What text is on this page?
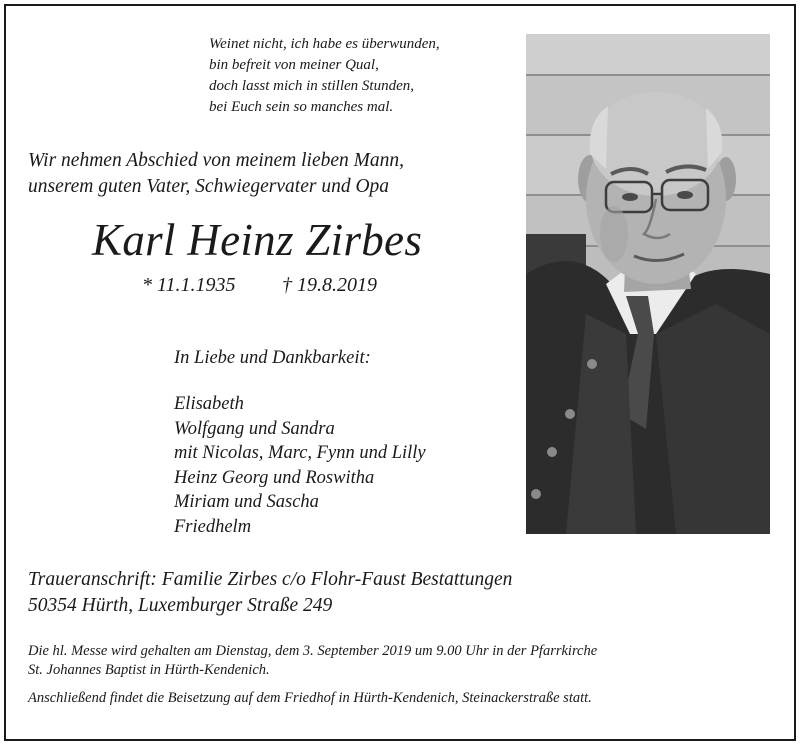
Weinet nicht, ich habe es überwunden,
bin befreit von meiner Qual,
doch lasst mich in stillen Stunden,
bei Euch sein so manches mal.
Wir nehmen Abschied von meinem lieben Mann,
unserem guten Vater, Schwiegervater und Opa
Karl Heinz Zirbes
* 11.1.1935 † 19.8.2019
In Liebe und Dankbarkeit:
Elisabeth
Wolfgang und Sandra
mit Nicolas, Marc, Fynn und Lilly
Heinz Georg und Roswitha
Miriam und Sascha
Friedhelm
Traueranschrift: Familie Zirbes c/o Flohr-Faust Bestattungen
50354 Hürth, Luxemburger Straße 249
Die hl. Messe wird gehalten am Dienstag, dem 3. September 2019 um 9.00 Uhr in der Pfarrkirche
St. Johannes Baptist in Hürth-Kendenich.
Anschließend findet die Beisetzung auf dem Friedhof in Hürth-Kendenich, Steinackerstraße statt.
